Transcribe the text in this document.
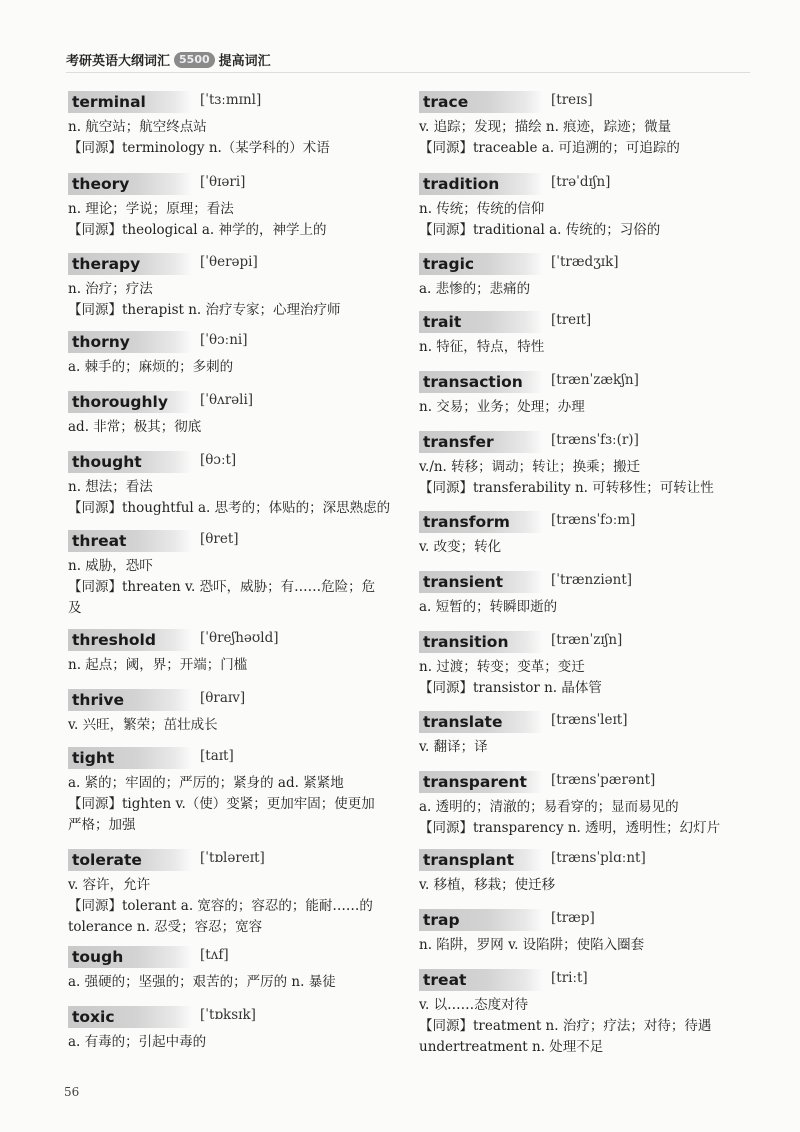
考研英语大纲词汇 5500 提高词汇
terminal	[ˈtɜːmɪnl]
n. 航空站；航空终点站
【同源】terminology n.（某学科的）术语
theory	[ˈθɪəri]
n. 理论；学说；原理；看法
【同源】theological a. 神学的，神学上的
therapy	[ˈθerəpi]
n. 治疗；疗法
【同源】therapist n. 治疗专家；心理治疗师
thorny	[ˈθɔːni]
a. 棘手的；麻烦的；多刺的
thoroughly	[ˈθʌrəli]
ad. 非常；极其；彻底
thought	[θɔːt]
n. 想法；看法
【同源】thoughtful a. 思考的；体贴的；深思熟虑的
threat	[θret]
n. 威胁，恐吓
【同源】threaten v. 恐吓，威胁；有……危险；危
及
threshold	[ˈθreʃhəʊld]
n. 起点；阈，界；开端；门槛
thrive	[θraɪv]
v. 兴旺，繁荣；茁壮成长
tight	[taɪt]
a. 紧的；牢固的；严厉的；紧身的 ad. 紧紧地
【同源】tighten v.（使）变紧；更加牢固；使更加
严格；加强
tolerate	[ˈtɒləreɪt]
v. 容许，允许
【同源】tolerant a. 宽容的；容忍的；能耐……的
tolerance n. 忍受；容忍；宽容
tough	[tʌf]
a. 强硬的；坚强的；艰苦的；严厉的 n. 暴徒
toxic	[ˈtɒksɪk]
a. 有毒的；引起中毒的
trace	[treɪs]
v. 追踪；发现；描绘 n. 痕迹，踪迹；微量
【同源】traceable a. 可追溯的；可追踪的
tradition	[trəˈdɪʃn]
n. 传统；传统的信仰
【同源】traditional a. 传统的；习俗的
tragic	[ˈtrædʒɪk]
a. 悲惨的；悲痛的
trait	[treɪt]
n. 特征，特点，特性
transaction	[trænˈzækʃn]
n. 交易；业务；处理；办理
transfer	[trænsˈfɜː(r)]
v./n. 转移；调动；转让；换乘；搬迁
【同源】transferability n. 可转移性；可转让性
transform	[trænsˈfɔːm]
v. 改变；转化
transient	[ˈtrænziənt]
a. 短暂的；转瞬即逝的
transition	[trænˈzɪʃn]
n. 过渡；转变；变革；变迁
【同源】transistor n. 晶体管
translate	[trænsˈleɪt]
v. 翻译；译
transparent	[trænsˈpærənt]
a. 透明的；清澈的；易看穿的；显而易见的
【同源】transparency n. 透明，透明性；幻灯片
transplant	[trænsˈplɑːnt]
v. 移植，移栽；使迁移
trap	[træp]
n. 陷阱，罗网 v. 设陷阱；使陷入圈套
treat	[triːt]
v. 以……态度对待
【同源】treatment n. 治疗；疗法；对待；待遇
undertreatment n. 处理不足
56
